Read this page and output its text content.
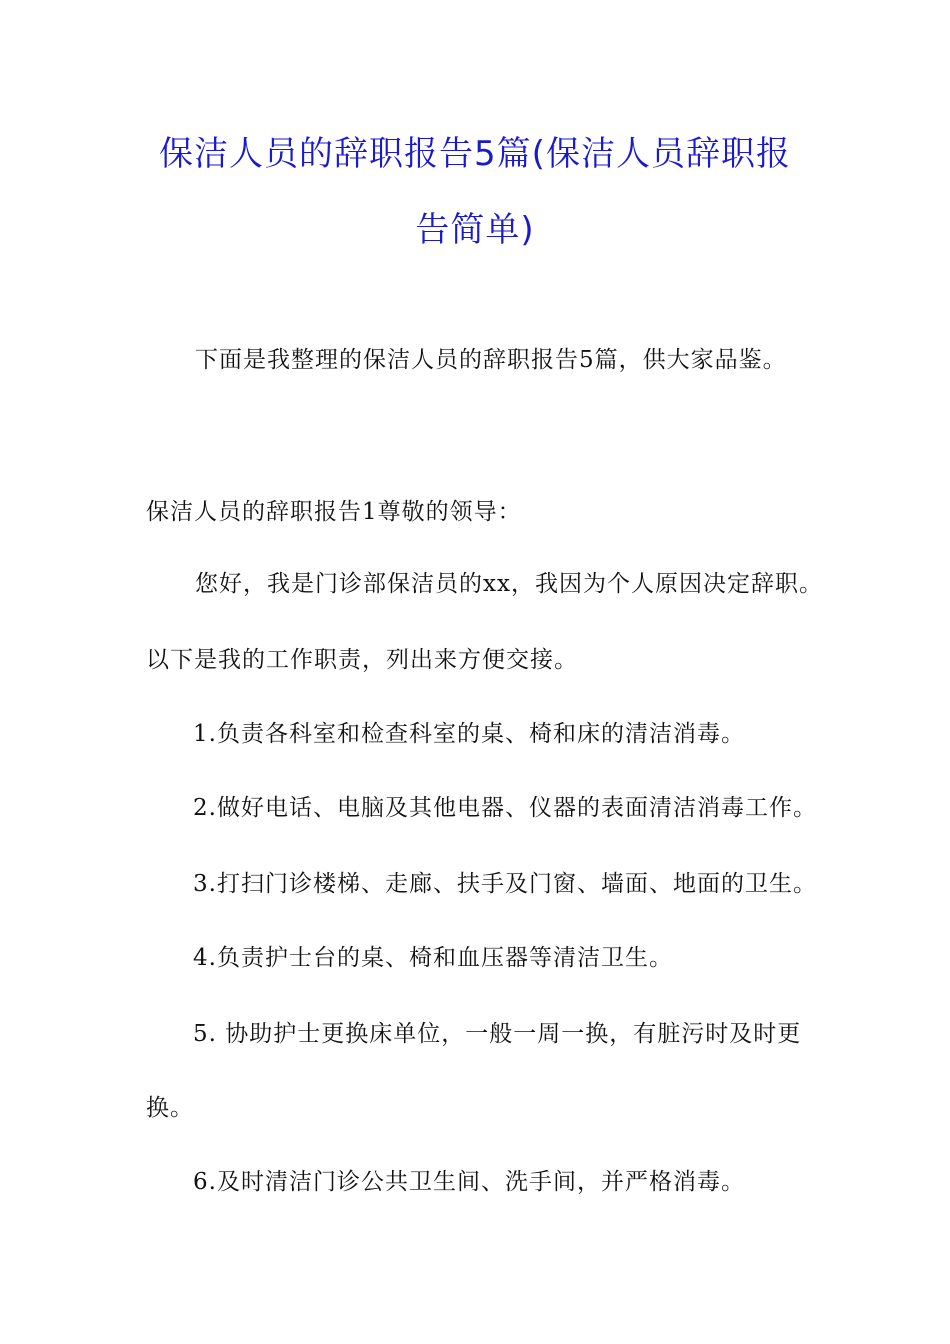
保洁人员的辞职报告5篇(保洁人员辞职报
告简单)
下面是我整理的保洁人员的辞职报告5篇，供大家品鉴。
保洁人员的辞职报告1尊敬的领导：
您好，我是门诊部保洁员的xx，我因为个人原因决定辞职。
以下是我的工作职责，列出来方便交接。
1.负责各科室和检查科室的桌、椅和床的清洁消毒。
2.做好电话、电脑及其他电器、仪器的表面清洁消毒工作。
3.打扫门诊楼梯、走廊、扶手及门窗、墙面、地面的卫生。
4.负责护士台的桌、椅和血压器等清洁卫生。
5. 协助护士更换床单位，一般一周一换，有脏污时及时更
换。
6.及时清洁门诊公共卫生间、洗手间，并严格消毒。
